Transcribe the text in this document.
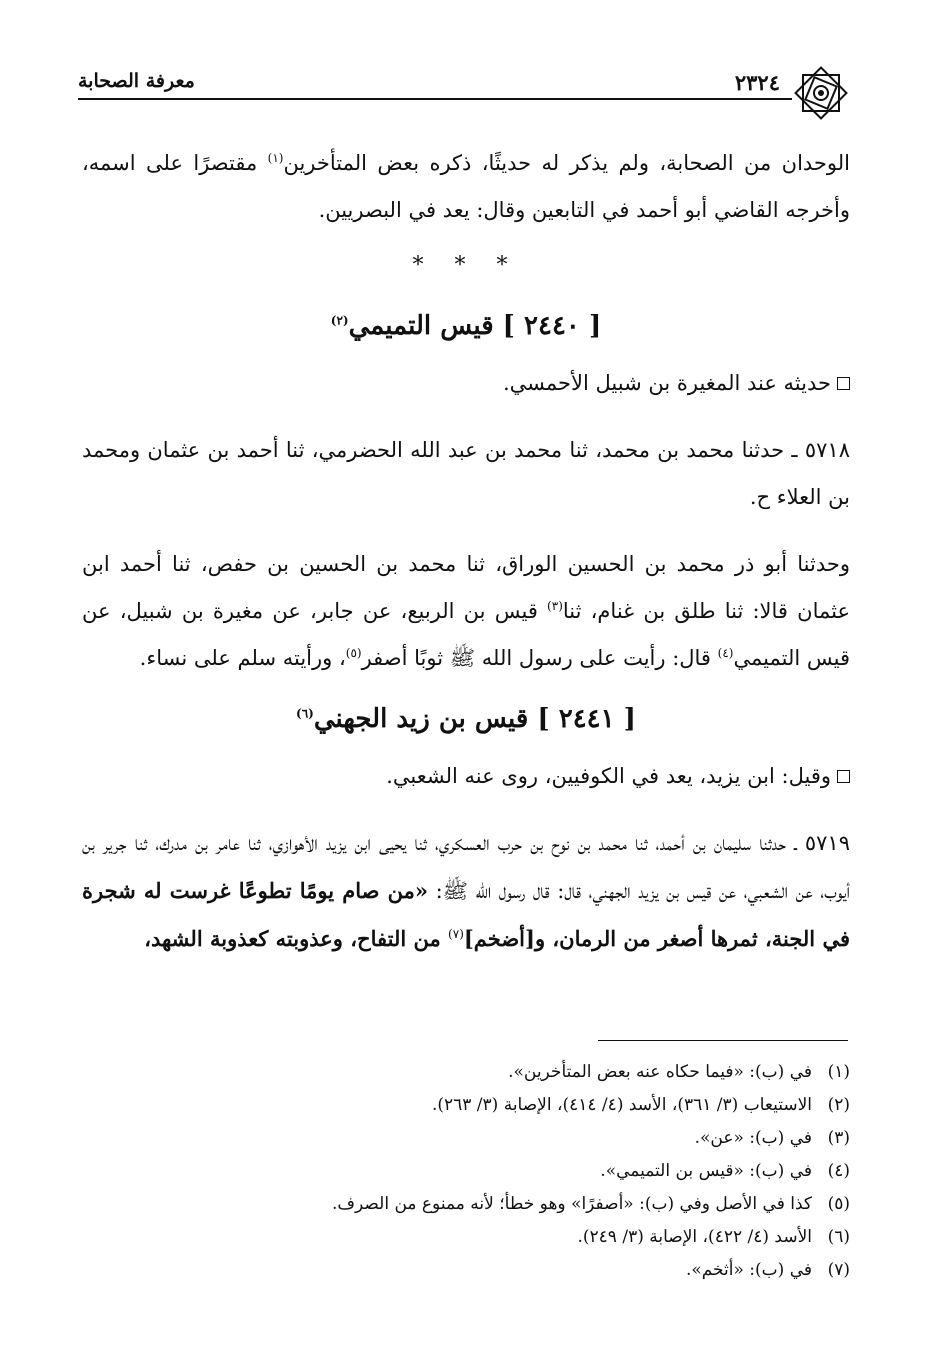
٢٣٢٤
معرفة الصحابة

الوحدان من الصحابة، ولم يذكر له حديثًا، ذكره بعض المتأخرين$^{(١)}$ مقتصرًا على اسمه، وأخرجه القاضي أبو أحمد في التابعين وقال: يعد في البصريين.

* * *
[ ٢٤٤٠ ] قيس التميمي$^{(٢)}$

حديثه عند المغيرة بن شبيل الأحمسي.

٥٧١٨ ـ حدثنا محمد بن محمد، ثنا محمد بن عبد الله الحضرمي، ثنا أحمد بن عثمان ومحمد بن العلاء ح.

وحدثنا أبو ذر محمد بن الحسين الوراق، ثنا محمد بن الحسين بن حفص، ثنا أحمد ابن عثمان قالا: ثنا طلق بن غنام، ثنا$^{(٣)}$ قيس بن الربيع، عن جابر، عن مغيرة بن شبيل، عن قيس التميمي$^{(٤)}$ قال: رأيت على رسول الله ﷺ ثوبًا أصفر$^{(٥)}$، ورأيته سلم على نساء.

[ ٢٤٤١ ] قيس بن زيد الجهني$^{(٦)}$

وقيل: ابن يزيد، يعد في الكوفيين، روى عنه الشعبي.

٥٧١٩ ـ حدثنا سليمان بن أحمد، ثنا محمد بن نوح بن حرب العسكري، ثنا يحيى ابن يزيد الأهوازي، ثنا عامر بن مدرك، ثنا جرير بن أيوب، عن الشعبي، عن قيس بن يزيد الجهني، قال: قال رسول الله ﷺ: «من صام يومًا تطوعًا غرست له شجرة في الجنة، ثمرها أصغر من الرمان، و[أضخم]$^{(٧)}$ من التفاح، وعذوبته كعذوبة الشهد،

(١)في (ب): «فيما حكاه عنه بعض المتأخرين».

(٢)الاستيعاب (٣/ ٣٦١)، الأسد (٤/ ٤١٤)، الإصابة (٣/ ٢٦٣).

(٣)في (ب): «عن».

(٤)في (ب): «قيس بن التميمي».

(٥)كذا في الأصل وفي (ب): «أصفرًا» وهو خطأ؛ لأنه ممنوع من الصرف.

(٦)الأسد (٤/ ٤٢٢)، الإصابة (٣/ ٢٤٩).

(٧)في (ب): «أثخم».
